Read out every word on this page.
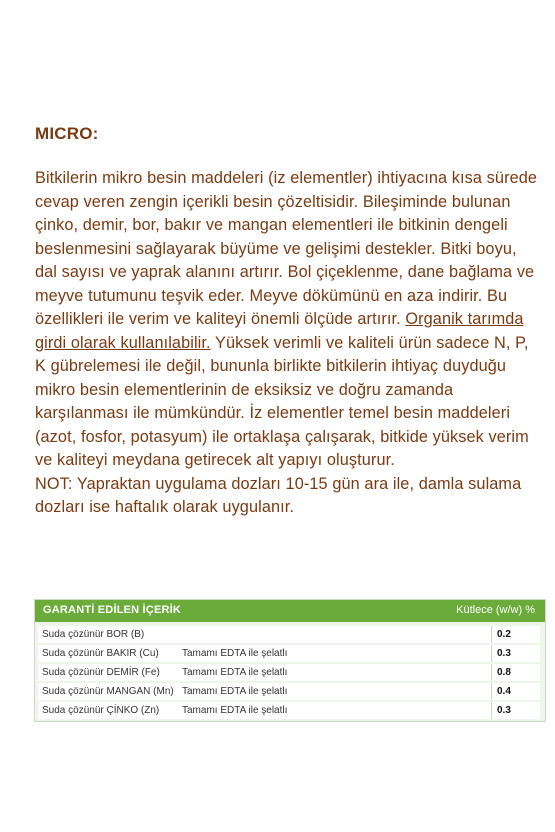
MICRO:

Bitkilerin mikro besin maddeleri (iz elementler) ihtiyacına kısa sürede cevap veren zengin içerikli besin çözeltisidir. Bileşiminde bulunan çinko, demir, bor, bakır ve mangan elementleri ile bitkinin dengeli beslenmesini sağlayarak büyüme ve gelişimi destekler. Bitki boyu, dal sayısı ve yaprak alanını artırır. Bol çiçeklenme, dane bağlama ve meyve tutumunu teşvik eder. Meyve dökümünü en aza indirir. Bu özellikleri ile verim ve kaliteyi önemli ölçüde artırır. Organik tarımda girdi olarak kullanılabilir. Yüksek verimli ve kaliteli ürün sadece N, P, K gübrelemesi ile değil, bununla birlikte bitkilerin ihtiyaç duyduğu mikro besin elementlerinin de eksiksiz ve doğru zamanda karşılanması ile mümkündür. İz elementler temel besin maddeleri (azot, fosfor, potasyum) ile ortaklaşa çalışarak, bitkide yüksek verim ve kaliteyi meydana getirecek alt yapıyı oluşturur.
NOT: Yapraktan uygulama dozları 10-15 gün ara ile, damla sulama dozları ise haftalık olarak uygulanır.

GARANTİ EDİLEN İÇERİK	Kütlece (w/w) %
Suda çözünür BOR (B)	0.2
Suda çözünür BAKIR (Cu) Tamamı EDTA ile şelatlı	0.3
Suda çözünür DEMİR (Fe) Tamamı EDTA ile şelatlı	0.8
Suda çözünür MANGAN (Mn) Tamamı EDTA ile şelatlı	0.4
Suda çözünür ÇİNKO (Zn) Tamamı EDTA ile şelatlı	0.3
